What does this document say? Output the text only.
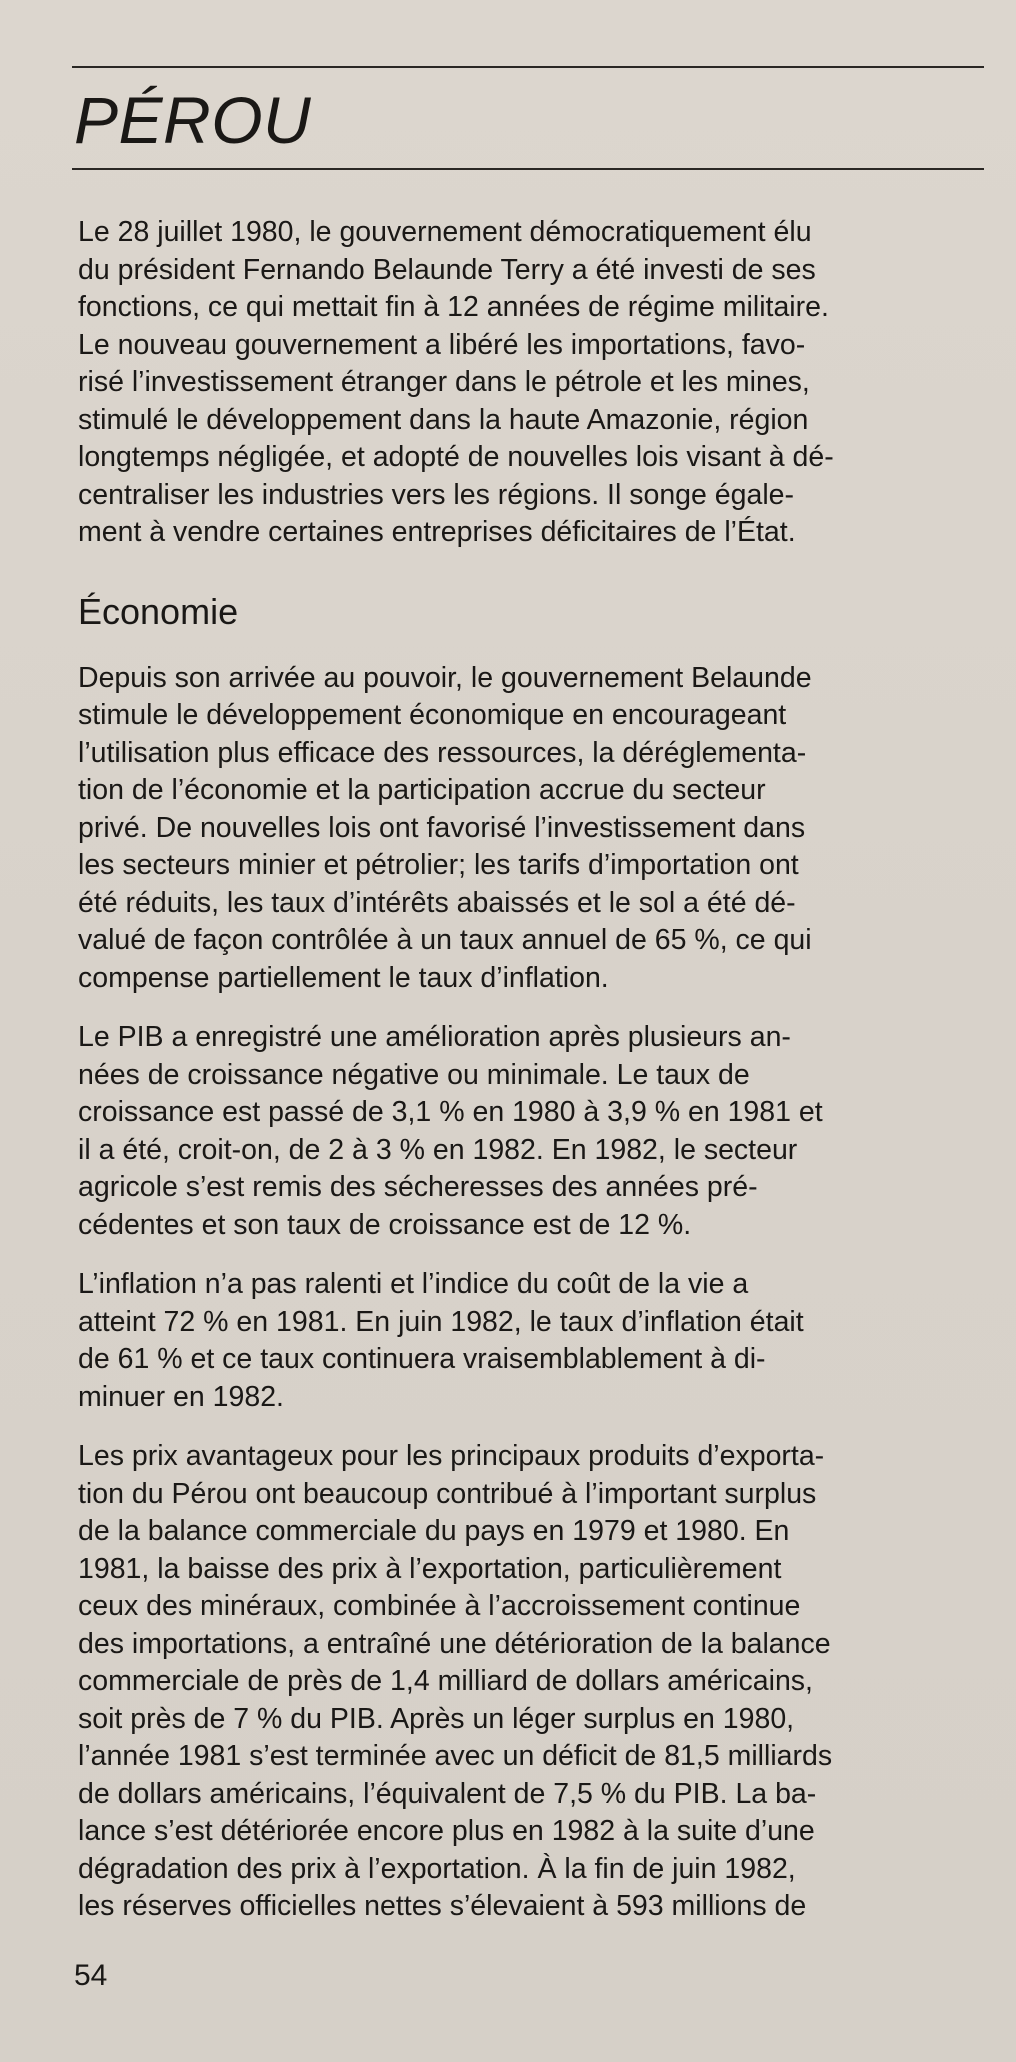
PÉROU

Le 28 juillet 1980, le gouvernement démocratiquement élu
du président Fernando Belaunde Terry a été investi de ses
fonctions, ce qui mettait fin à 12 années de régime militaire.
Le nouveau gouvernement a libéré les importations, favo-
risé l’investissement étranger dans le pétrole et les mines,
stimulé le développement dans la haute Amazonie, région
longtemps négligée, et adopté de nouvelles lois visant à dé-
centraliser les industries vers les régions. Il songe égale-
ment à vendre certaines entreprises déficitaires de l’État.

Économie

Depuis son arrivée au pouvoir, le gouvernement Belaunde
stimule le développement économique en encourageant
l’utilisation plus efficace des ressources, la déréglementa-
tion de l’économie et la participation accrue du secteur
privé. De nouvelles lois ont favorisé l’investissement dans
les secteurs minier et pétrolier; les tarifs d’importation ont
été réduits, les taux d’intérêts abaissés et le sol a été dé-
valué de façon contrôlée à un taux annuel de 65 %, ce qui
compense partiellement le taux d’inflation.

Le PIB a enregistré une amélioration après plusieurs an-
nées de croissance négative ou minimale. Le taux de
croissance est passé de 3,1 % en 1980 à 3,9 % en 1981 et
il a été, croit-on, de 2 à 3 % en 1982. En 1982, le secteur
agricole s’est remis des sécheresses des années pré-
cédentes et son taux de croissance est de 12 %.

L’inflation n’a pas ralenti et l’indice du coût de la vie a
atteint 72 % en 1981. En juin 1982, le taux d’inflation était
de 61 % et ce taux continuera vraisemblablement à di-
minuer en 1982.

Les prix avantageux pour les principaux produits d’exporta-
tion du Pérou ont beaucoup contribué à l’important surplus
de la balance commerciale du pays en 1979 et 1980. En
1981, la baisse des prix à l’exportation, particulièrement
ceux des minéraux, combinée à l’accroissement continue
des importations, a entraîné une détérioration de la balance
commerciale de près de 1,4 milliard de dollars américains,
soit près de 7 % du PIB. Après un léger surplus en 1980,
l’année 1981 s’est terminée avec un déficit de 81,5 milliards
de dollars américains, l’équivalent de 7,5 % du PIB. La ba-
lance s’est détériorée encore plus en 1982 à la suite d’une
dégradation des prix à l’exportation. À la fin de juin 1982,
les réserves officielles nettes s’élevaient à 593 millions de

54
